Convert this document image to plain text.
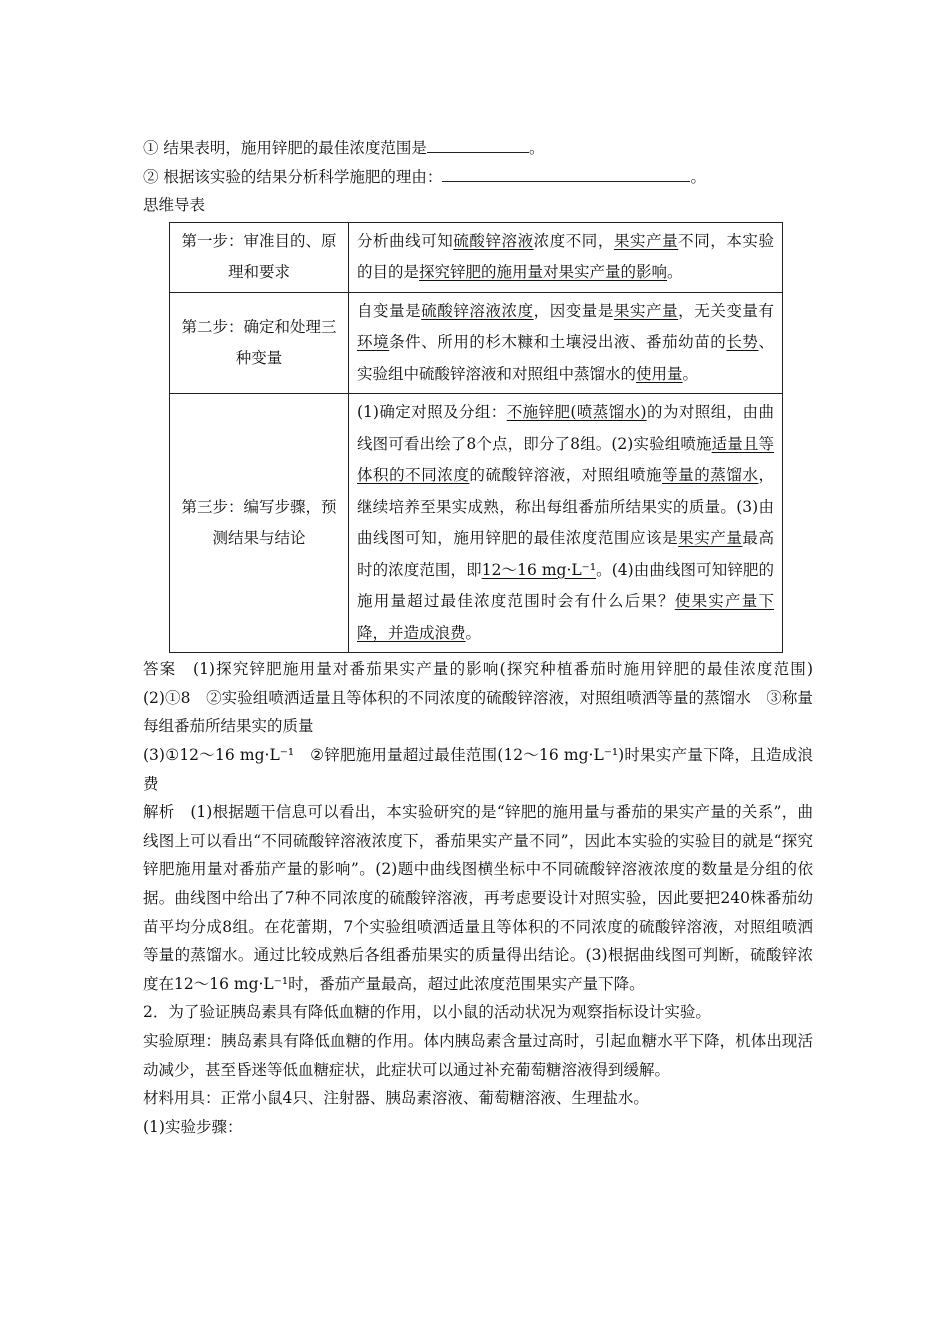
① 结果表明，施用锌肥的最佳浓度范围是	。

② 根据该实验的结果分析科学施肥的理由：	。

思维导表

第一步：审准目的、原理和要求	分析曲线可知硫酸锌溶液浓度不同，果实产量不同，本实验的目的是探究锌肥的施用量对果实产量的影响。
第二步：确定和处理三种变量	自变量是硫酸锌溶液浓度，因变量是果实产量，无关变量有环境条件、所用的杉木糠和土壤浸出液、番茄幼苗的长势、实验组中硫酸锌溶液和对照组中蒸馏水的使用量。
第三步：编写步骤，预测结果与结论	(1)确定对照及分组：不施锌肥(喷蒸馏水)的为对照组，由曲线图可看出绘了8个点，即分了8组。(2)实验组喷施适量且等体积的不同浓度的硫酸锌溶液，对照组喷施等量的蒸馏水，继续培养至果实成熟，称出每组番茄所结果实的质量。(3)由曲线图可知，施用锌肥的最佳浓度范围应该是果实产量最高时的浓度范围，即12～16 mg·L⁻¹。(4)由曲线图可知锌肥的施用量超过最佳浓度范围时会有什么后果？使果实产量下降，并造成浪费。

答案　(1)探究锌肥施用量对番茄果实产量的影响(探究种植番茄时施用锌肥的最佳浓度范围)　(2)①8　②实验组喷洒适量且等体积的不同浓度的硫酸锌溶液，对照组喷洒等量的蒸馏水　③称量每组番茄所结果实的质量

(3)①12～16 mg·L⁻¹　②锌肥施用量超过最佳范围(12～16 mg·L⁻¹)时果实产量下降，且造成浪费

解析　(1)根据题干信息可以看出，本实验研究的是“锌肥的施用量与番茄的果实产量的关系”，曲线图上可以看出“不同硫酸锌溶液浓度下，番茄果实产量不同”，因此本实验的实验目的就是“探究锌肥施用量对番茄产量的影响”。(2)题中曲线图横坐标中不同硫酸锌溶液浓度的数量是分组的依据。曲线图中给出了7种不同浓度的硫酸锌溶液，再考虑要设计对照实验，因此要把240株番茄幼苗平均分成8组。在花蕾期，7个实验组喷洒适量且等体积的不同浓度的硫酸锌溶液，对照组喷洒等量的蒸馏水。通过比较成熟后各组番茄果实的质量得出结论。(3)根据曲线图可判断，硫酸锌浓度在12～16 mg·L⁻¹时，番茄产量最高，超过此浓度范围果实产量下降。

2．为了验证胰岛素具有降低血糖的作用，以小鼠的活动状况为观察指标设计实验。

实验原理：胰岛素具有降低血糖的作用。体内胰岛素含量过高时，引起血糖水平下降，机体出现活动减少，甚至昏迷等低血糖症状，此症状可以通过补充葡萄糖溶液得到缓解。

材料用具：正常小鼠4只、注射器、胰岛素溶液、葡萄糖溶液、生理盐水。

(1)实验步骤：
